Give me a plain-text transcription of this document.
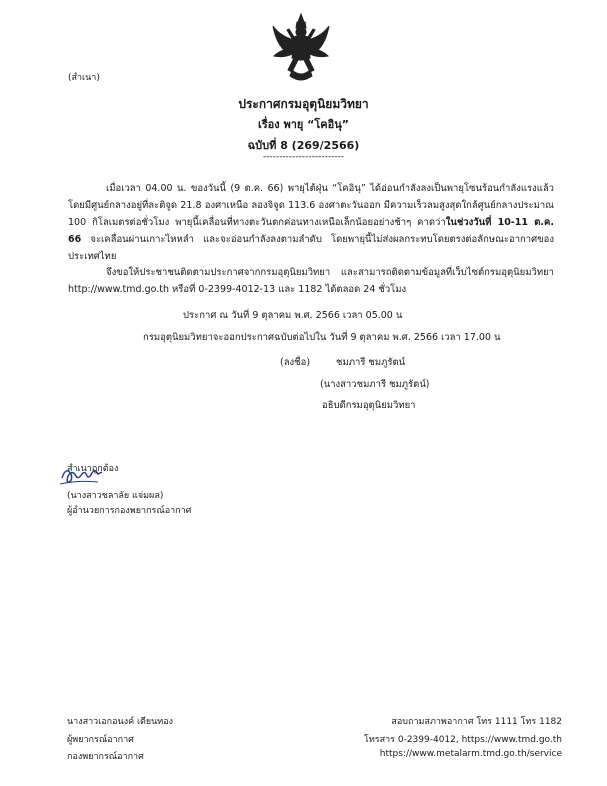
(สำเนา)
ประกาศกรมอุตุนิยมวิทยา
เรื่อง พายุ “โคอินุ”
ฉบับที่ 8 (269/2566)
-------------------------
เมื่อเวลา 04.00 น. ของวันนี้ (9 ต.ค. 66) พายุไต้ฝุ่น “โคอินุ” ได้อ่อนกำลังลงเป็นพายุโซนร้อนกำลังแรงแล้ว โดยมีศูนย์กลางอยู่ที่ละติจูด 21.8 องศาเหนือ ลองจิจูด 113.6 องศาตะวันออก มีความเร็วลมสูงสุดใกล้ศูนย์กลางประมาณ 100 กิโลเมตรต่อชั่วโมง พายุนี้เคลื่อนที่ทางตะวันตกค่อนทางเหนือเล็กน้อยอย่างช้าๆ คาดว่าในช่วงวันที่ 10-11 ต.ค. 66 จะเคลื่อนผ่านเกาะไหหลำ และจะอ่อนกำลังลงตามลำดับ โดยพายุนี้ไม่ส่งผลกระทบโดยตรงต่อลักษณะอากาศของประเทศไทย
จึงขอให้ประชาชนติดตามประกาศจากกรมอุตุนิยมวิทยา และสามารถติดตามข้อมูลที่เว็บไซต์กรมอุตุนิยมวิทยา http://www.tmd.go.th หรือที่ 0-2399-4012-13 และ 1182 ได้ตลอด 24 ชั่วโมง
ประกาศ ณ วันที่ 9 ตุลาคม พ.ศ. 2566 เวลา 05.00 น
กรมอุตุนิยมวิทยาจะออกประกาศฉบับต่อไปใน วันที่ 9 ตุลาคม พ.ศ. 2566 เวลา 17.00 น
(ลงชื่อ)	ชมภารี ชมภูรัตน์
(นางสาวชมภารี ชมภูรัตน์)
อธิบดีกรมอุตุนิยมวิทยา
สำเนาถูกต้อง
(นางสาวชลาลัย แจ่มผล)
ผู้อำนวยการกองพยากรณ์อากาศ
นางสาวเอกอนงค์ เตียนทอง
ผู้พยากรณ์อากาศ
กองพยากรณ์อากาศ
สอบถามสภาพอากาศ โทร 1111 โทร 1182
โทรสาร 0-2399-4012, https://www.tmd.go.th
https://www.metalarm.tmd.go.th/service
